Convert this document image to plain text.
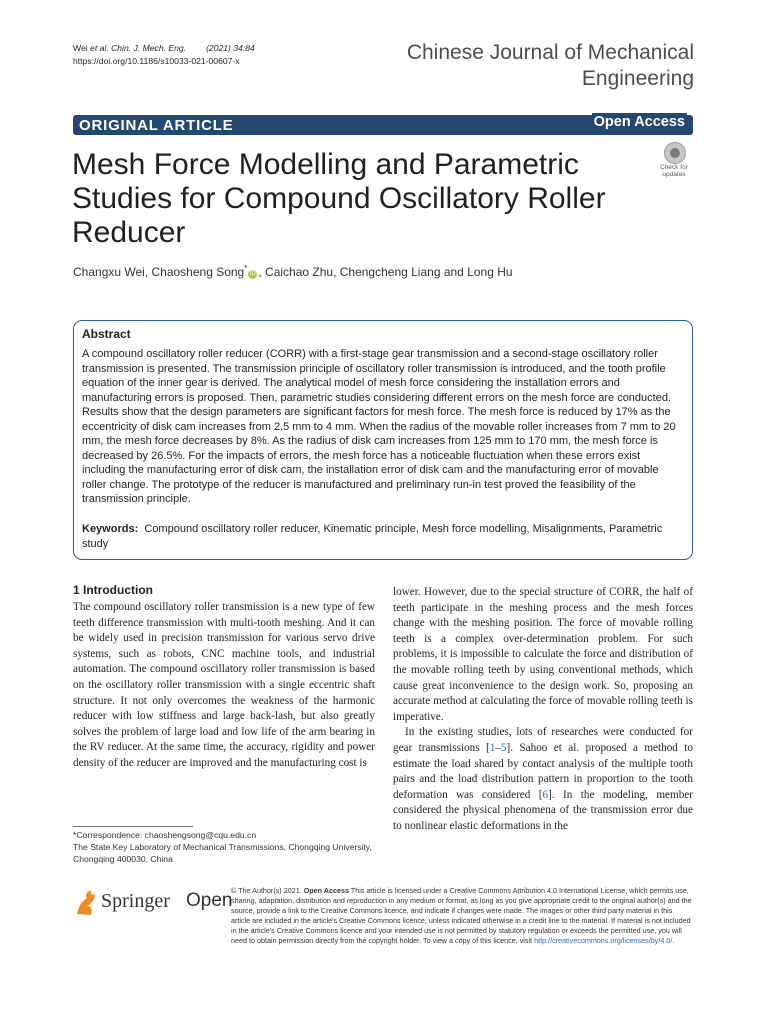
Wei et al. Chin. J. Mech. Eng. (2021) 34:84
https://doi.org/10.1186/s10033-021-00607-x	Chinese Journal of Mechanical
Engineering
ORIGINAL ARTICLE	Open Access
Mesh Force Modelling and Parametric Studies for Compound Oscillatory Roller Reducer
Check for
updates
Changxu Wei, Chaosheng Song*iD , Caichao Zhu, Chengcheng Liang and Long Hu
Abstract
A compound oscillatory roller reducer (CORR) with a first-stage gear transmission and a second-stage oscillatory roller transmission is presented. The transmission principle of oscillatory roller transmission is introduced, and the tooth profile equation of the inner gear is derived. The analytical model of mesh force considering the installation errors and manufacturing errors is proposed. Then, parametric studies considering different errors on the mesh force are conducted. Results show that the design parameters are significant factors for mesh force. The mesh force is reduced by 17% as the eccentricity of disk cam increases from 2.5 mm to 4 mm. When the radius of the movable roller increases from 7 mm to 20 mm, the mesh force decreases by 8%. As the radius of disk cam increases from 125 mm to 170 mm, the mesh force is decreased by 26.5%. For the impacts of errors, the mesh force has a noticeable fluctuation when these errors exist including the manufacturing error of disk cam, the installation error of disk cam and the manufacturing error of movable roller change. The prototype of the reducer is manufactured and preliminary run-in test proved the feasibility of the transmission principle.
Keywords: Compound oscillatory roller reducer, Kinematic principle, Mesh force modelling, Misalignments, Parametric study
1 Introduction
The compound oscillatory roller transmission is a new type of few teeth difference transmission with multi-tooth meshing. And it can be widely used in precision transmission for various servo drive systems, such as robots, CNC machine tools, and industrial automation. The compound oscillatory roller transmission is based on the oscillatory roller transmission with a single eccentric shaft structure. It not only overcomes the weakness of the harmonic reducer with low stiffness and large back-lash, but also greatly solves the problem of large load and low life of the arm bearing in the RV reducer. At the same time, the accuracy, rigidity and power density of the reducer are improved and the manufacturing cost is
lower. However, due to the special structure of CORR, the half of teeth participate in the meshing process and the mesh forces change with the meshing position. The force of movable rolling teeth is a complex over-determination problem. For such problems, it is impossible to calculate the force and distribution of the movable rolling teeth by using conventional methods, which cause great inconvenience to the design work. So, proposing an accurate method at calculating the force of movable rolling teeth is imperative.
In the existing studies, lots of researches were conducted for gear transmissions [1–5]. Sahoo et al. proposed a method to estimate the load shared by contact analysis of the multiple tooth pairs and the load distribution pattern in proportion to the tooth deformation was considered [6]. In the modeling, member considered the physical phenomena of the transmission error due to nonlinear elastic deformations in the
*Correspondence: chaoshengsong@cqu.edu.cn
The State Key Laboratory of Mechanical Transmissions, Chongqing University, Chongqing 400030, China
Springer Open
© The Author(s) 2021. Open Access This article is licensed under a Creative Commons Attribution 4.0 International License, which permits use, sharing, adaptation, distribution and reproduction in any medium or format, as long as you give appropriate credit to the original author(s) and the source, provide a link to the Creative Commons licence, and indicate if changes were made. The images or other third party material in this article are included in the article's Creative Commons licence, unless indicated otherwise in a credit line to the material. If material is not included in the article's Creative Commons licence and your intended use is not permitted by statutory regulation or exceeds the permitted use, you will need to obtain permission directly from the copyright holder. To view a copy of this licence, visit http://creativecommons.org/licenses/by/4.0/.
